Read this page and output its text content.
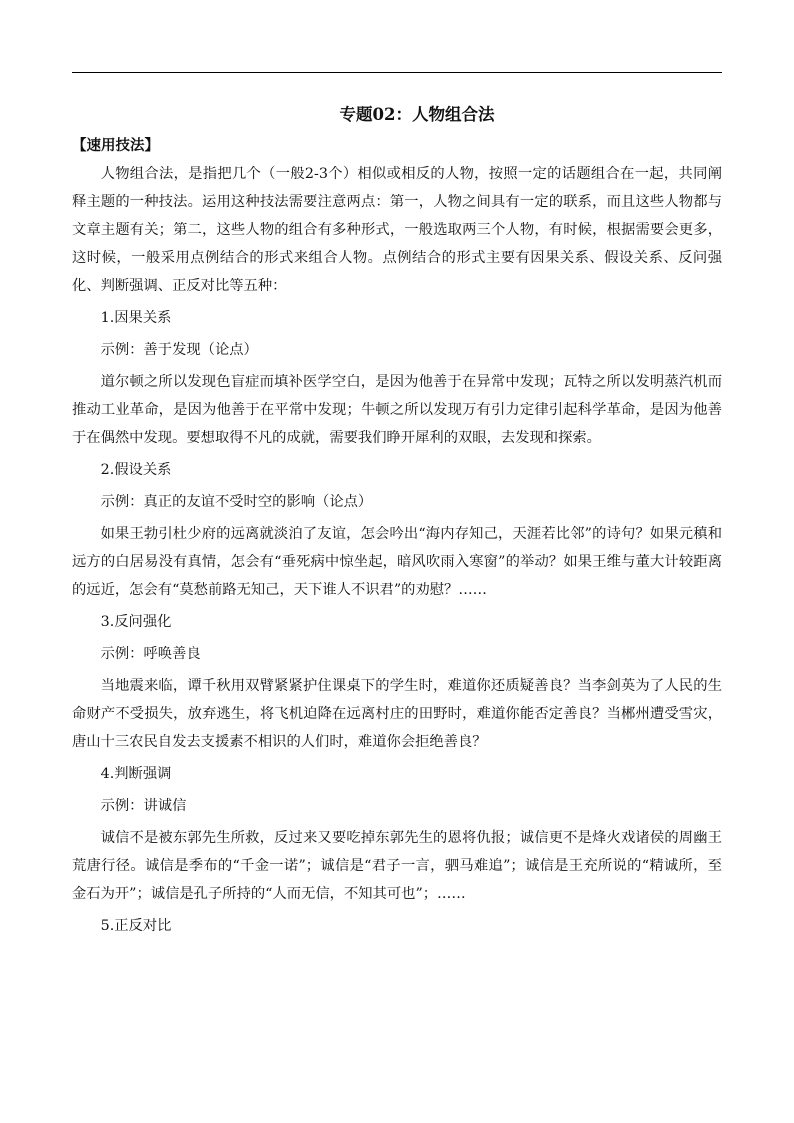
专题02：人物组合法
【速用技法】

人物组合法，是指把几个（一般2-3个）相似或相反的人物，按照一定的话题组合在一起，共同阐释主题的一种技法。运用这种技法需要注意两点：第一，人物之间具有一定的联系，而且这些人物都与文章主题有关；第二，这些人物的组合有多种形式，一般选取两三个人物，有时候，根据需要会更多，这时候，一般采用点例结合的形式来组合人物。点例结合的形式主要有因果关系、假设关系、反问强化、判断强调、正反对比等五种：

1.因果关系
示例：善于发现（论点）

道尔顿之所以发现色盲症而填补医学空白，是因为他善于在异常中发现；瓦特之所以发明蒸汽机而推动工业革命，是因为他善于在平常中发现；牛顿之所以发现万有引力定律引起科学革命，是因为他善于在偶然中发现。要想取得不凡的成就，需要我们睁开犀利的双眼，去发现和探索。

2.假设关系
示例：真正的友谊不受时空的影响（论点）

如果王勃引杜少府的远离就淡泊了友谊，怎会吟出“海内存知己，天涯若比邻”的诗句？如果元稹和远方的白居易没有真情，怎会有“垂死病中惊坐起，暗风吹雨入寒窗”的举动？如果王维与董大计较距离的远近，怎会有“莫愁前路无知己，天下谁人不识君”的劝慰？……

3.反问强化
示例：呼唤善良

当地震来临，谭千秋用双臂紧紧护住课桌下的学生时，难道你还质疑善良？当李剑英为了人民的生命财产不受损失，放弃逃生，将飞机迫降在远离村庄的田野时，难道你能否定善良？当郴州遭受雪灾，唐山十三农民自发去支援素不相识的人们时，难道你会拒绝善良？

4.判断强调
示例：讲诚信

诚信不是被东郭先生所救，反过来又要吃掉东郭先生的恩将仇报；诚信更不是烽火戏诸侯的周幽王荒唐行径。诚信是季布的“千金一诺”；诚信是“君子一言，驷马难追”；诚信是王充所说的“精诚所，至金石为开”；诚信是孔子所持的“人而无信，不知其可也”；……

5.正反对比
